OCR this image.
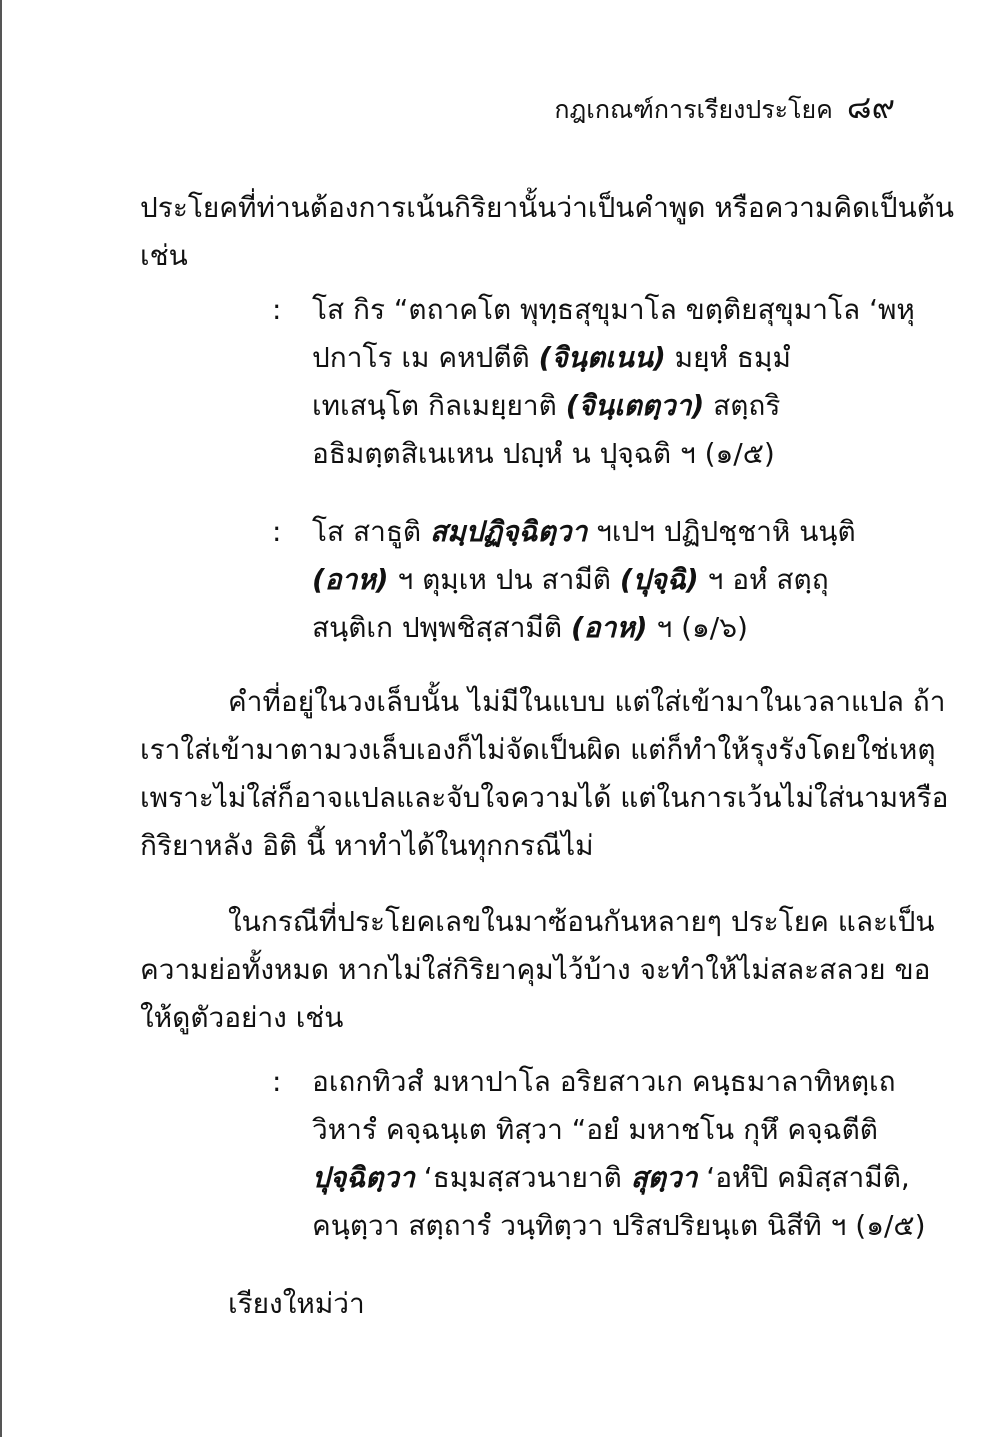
กฎเกณฑ์การเรียงประโยค ๘๙
ประโยคที่ท่านต้องการเน้นกิริยานั้นว่าเป็นคำพูด หรือความคิดเป็นต้น
เช่น
: โส กิร “ตถาคโต พุทฺธสุขุมาโล ขตฺติยสุขุมาโล ‘พหุ
ปกาโร เม คหปตีติ (จินฺตเนน) มยฺหํ ธมฺมํ
เทเสนฺโต กิลเมยฺยาติ (จินฺเตตฺวา) สตฺถริ
อธิมตฺตสิเนเหน ปญฺหํ น ปุจฺฉติ ฯ (๑/๕)
: โส สาธูติ สมฺปฏิจฺฉิตฺวา ฯเปฯ ปฏิปชฺชาหิ นนฺติ
(อาห) ฯ ตุมฺเห ปน สามีติ (ปุจฺฉิ) ฯ อหํ สตฺถุ
สนฺติเก ปพฺพชิสฺสามีติ (อาห) ฯ (๑/๖)
คำที่อยู่ในวงเล็บนั้น ไม่มีในแบบ แต่ใส่เข้ามาในเวลาแปล ถ้า
เราใส่เข้ามาตามวงเล็บเองก็ไม่จัดเป็นผิด แต่ก็ทำให้รุงรังโดยใช่เหตุ
เพราะไม่ใส่ก็อาจแปลและจับใจความได้ แต่ในการเว้นไม่ใส่นามหรือ
กิริยาหลัง อิติ นี้ หาทำได้ในทุกกรณีไม่
ในกรณีที่ประโยคเลขในมาซ้อนกันหลายๆ ประโยค และเป็น
ความย่อทั้งหมด หากไม่ใส่กิริยาคุมไว้บ้าง จะทำให้ไม่สละสลวย ขอ
ให้ดูตัวอย่าง เช่น
: อเถกทิวสํ มหาปาโล อริยสาวเก คนฺธมาลาทิหตฺเถ
วิหารํ คจฺฉนฺเต ทิสฺวา “อยํ มหาชโน กุหึ คจฺฉตีติ
ปุจฺฉิตฺวา ‘ธมฺมสฺสวนายาติ สุตฺวา ‘อหํปิ คมิสฺสามีติ,
คนฺตฺวา สตฺถารํ วนฺทิตฺวา ปริสปริยนฺเต นิสีทิ ฯ (๑/๕)
เรียงใหม่ว่า
